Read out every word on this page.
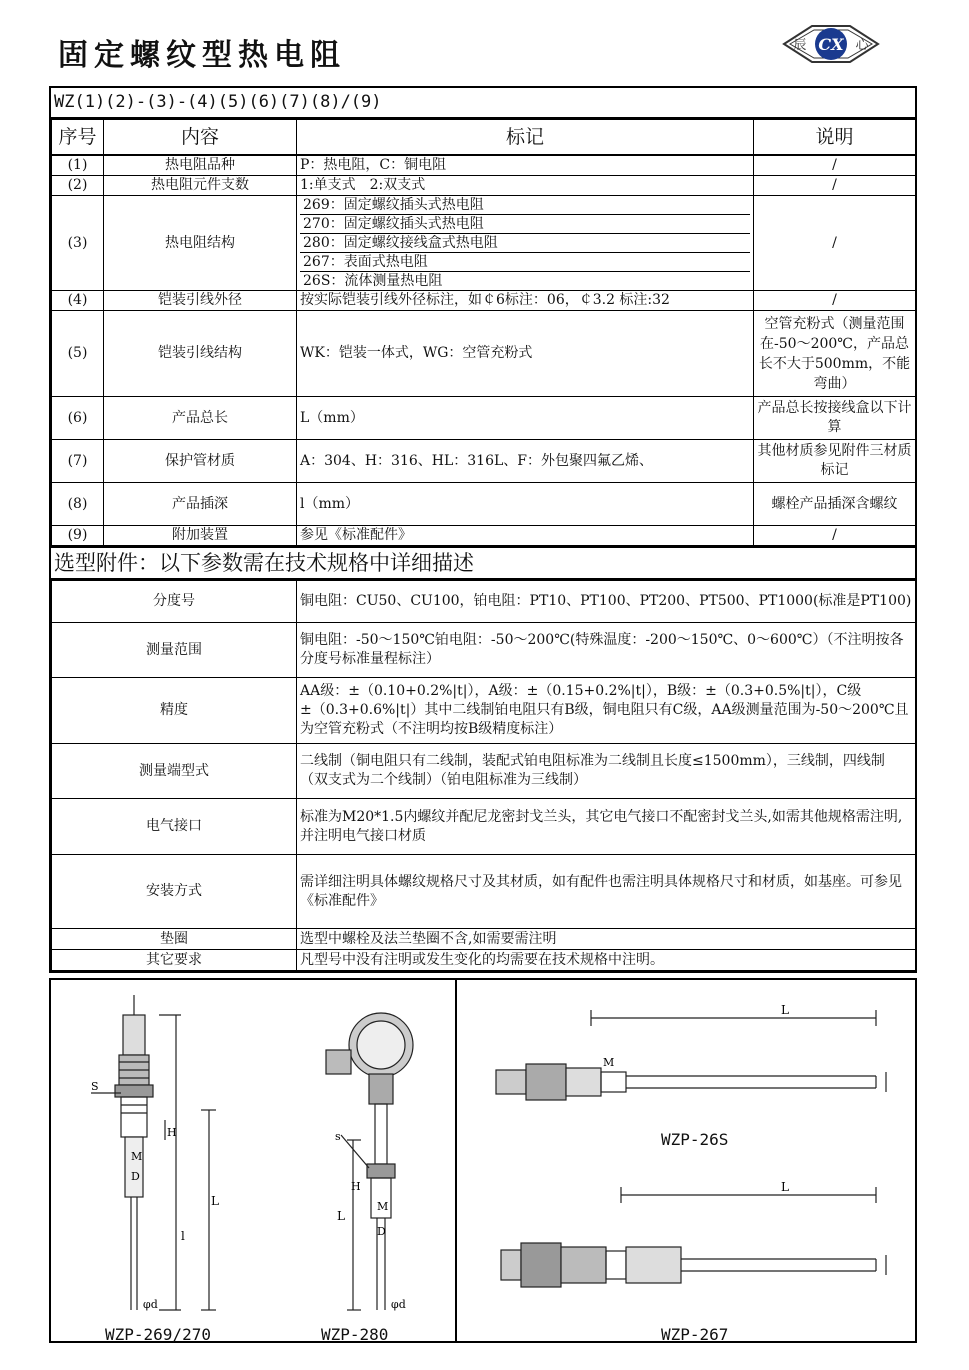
固定螺纹型热电阻	CX
辰	心
WZ(1)(2)-(3)-(4)(5)(6)(7)(8)/(9)
序号	内容	标记	说明
(1)	热电阻品种	P：热电阻，C：铜电阻	/
(2)	热电阻元件支数	1:单支式　2:双支式	/
(3)	热电阻结构	269：固定螺纹插头式热电阻
270：固定螺纹插头式热电阻
280：固定螺纹接线盒式热电阻
267：表面式热电阻
26S：流体测量热电阻	/
(4)	铠装引线外径	按实际铠装引线外径标注，如￠6标注：06，￠3.2 标注:32	/
(5)	铠装引线结构	WK：铠装一体式，WG：空管充粉式	空管充粉式（测量范围在-50～200℃，产品总长不大于500mm，不能弯曲）
(6)	产品总长	L（mm）	产品总长按接线盒以下计算
(7)	保护管材质	A：304、H：316、HL：316L、F：外包聚四氟乙烯、	其他材质参见附件三材质标记
(8)	产品插深	l（mm）	螺栓产品插深含螺纹
(9)	附加装置	参见《标准配件》	/
选型附件：以下参数需在技术规格中详细描述
分度号	铜电阻：CU50、CU100，铂电阻：PT10、PT100、PT200、PT500、PT1000(标准是PT100)
测量范围	铜电阻：-50～150℃铂电阻：-50～200℃(特殊温度：-200～150℃、0～600℃）（不注明按各分度号标准量程标注）
精度	AA级：±（0.10+0.2%|t|），A级：±（0.15+0.2%|t|），B级：±（0.3+0.5%|t|），C级±（0.3+0.6%|t|）其中二线制铂电阻只有B级，铜电阻只有C级，AA级测量范围为-50～200℃且为空管充粉式（不注明均按B级精度标注）
测量端型式	二线制（铜电阻只有二线制，装配式铂电阻标准为二线制且长度≤1500mm），三线制，四线制（双支式为二个线制）（铂电阻标准为三线制）
电气接口	标准为M20*1.5内螺纹并配尼龙密封戈兰头，其它电气接口不配密封戈兰头,如需其他规格需注明,并注明电气接口材质
安装方式	需详细注明具体螺纹规格尺寸及其材质，如有配件也需注明具体规格尺寸和材质，如基座。可参见《标准配件》
垫圈	选型中螺栓及法兰垫圈不含,如需要需注明
其它要求	凡型号中没有注明或发生变化的均需要在技术规格中注明。
S
H
M
D
L
l
φd
s
H
M
D
L
φd
L
M
L
WZP-269/270	WZP-280
WZP-26S
WZP-267
